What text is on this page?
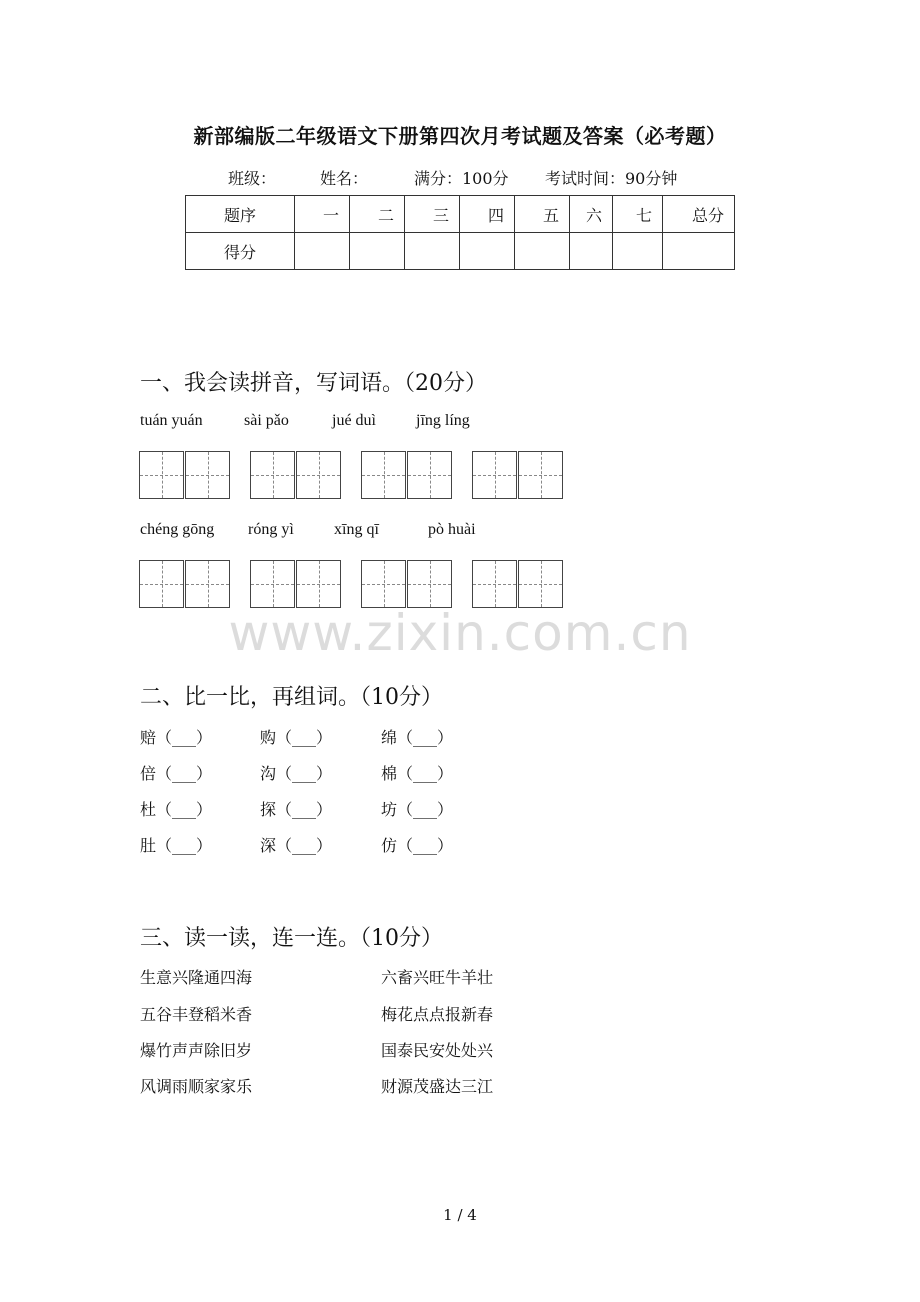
新部编版二年级语文下册第四次月考试题及答案（必考题）
班级：	姓名：	满分：100分 考试时间：90分钟
题序	一	二	三	四	五	六	七	总分
得分								
一、我会读拼音，写词语。（20分）
tuán yuán	sài pǎo	jué duì	jīng líng
chéng gōng róng yì	xīng qī	pò huài
www.zixin.com.cn
二、比一比，再组词。（10分）
赔（___）	购（___）	绵（___）
倍（___）	沟（___）	棉（___）
杜（___）	探（___）	坊（___）
肚（___）	深（___）	仿（___）
三、读一读，连一连。（10分）
生意兴隆通四海	六畜兴旺牛羊壮
五谷丰登稻米香	梅花点点报新春
爆竹声声除旧岁	国泰民安处处兴
风调雨顺家家乐	财源茂盛达三江
1 / 4
